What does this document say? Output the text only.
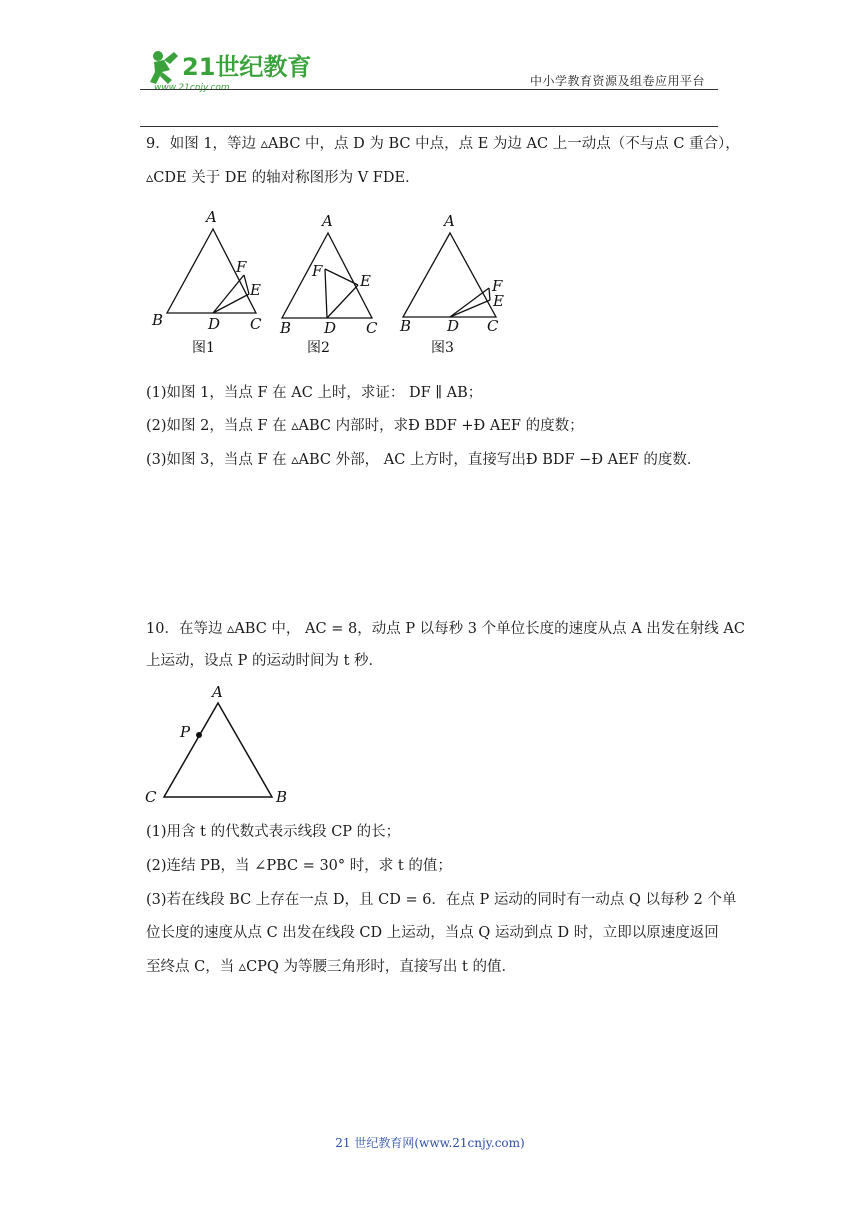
21世纪教育
www.21cnjy.com	中小学教育资源及组卷应用平台
9．如图 1，等边 ▵ABC 中，点 D 为 BC 中点，点 E 为边 AC 上一动点（不与点 C 重合），
▵CDE 关于 DE 的轴对称图形为 V FDE．
A
B	C
D
E
F
图1
A
B	C
D
E
F
图2
A
B	C
D
E
F
图3
(1)如图 1，当点 F 在 AC 上时，求证： DF ∥ AB；
(2)如图 2，当点 F 在 ▵ABC 内部时，求Ð BDF +Ð AEF 的度数；
(3)如图 3，当点 F 在 ▵ABC 外部， AC 上方时，直接写出Ð BDF −Ð AEF 的度数．
10．在等边 ▵ABC 中， AC = 8，动点 P 以每秒 3 个单位长度的速度从点 A 出发在射线 AC
上运动，设点 P 的运动时间为 t 秒．
A
P
C	B
(1)用含 t 的代数式表示线段 CP 的长；
(2)连结 PB，当 ∠PBC = 30° 时，求 t 的值；
(3)若在线段 BC 上存在一点 D，且 CD = 6．在点 P 运动的同时有一动点 Q 以每秒 2 个单
位长度的速度从点 C 出发在线段 CD 上运动，当点 Q 运动到点 D 时，立即以原速度返回
至终点 C，当 ▵CPQ 为等腰三角形时，直接写出 t 的值．
21 世纪教育网(www.21cnjy.com)
